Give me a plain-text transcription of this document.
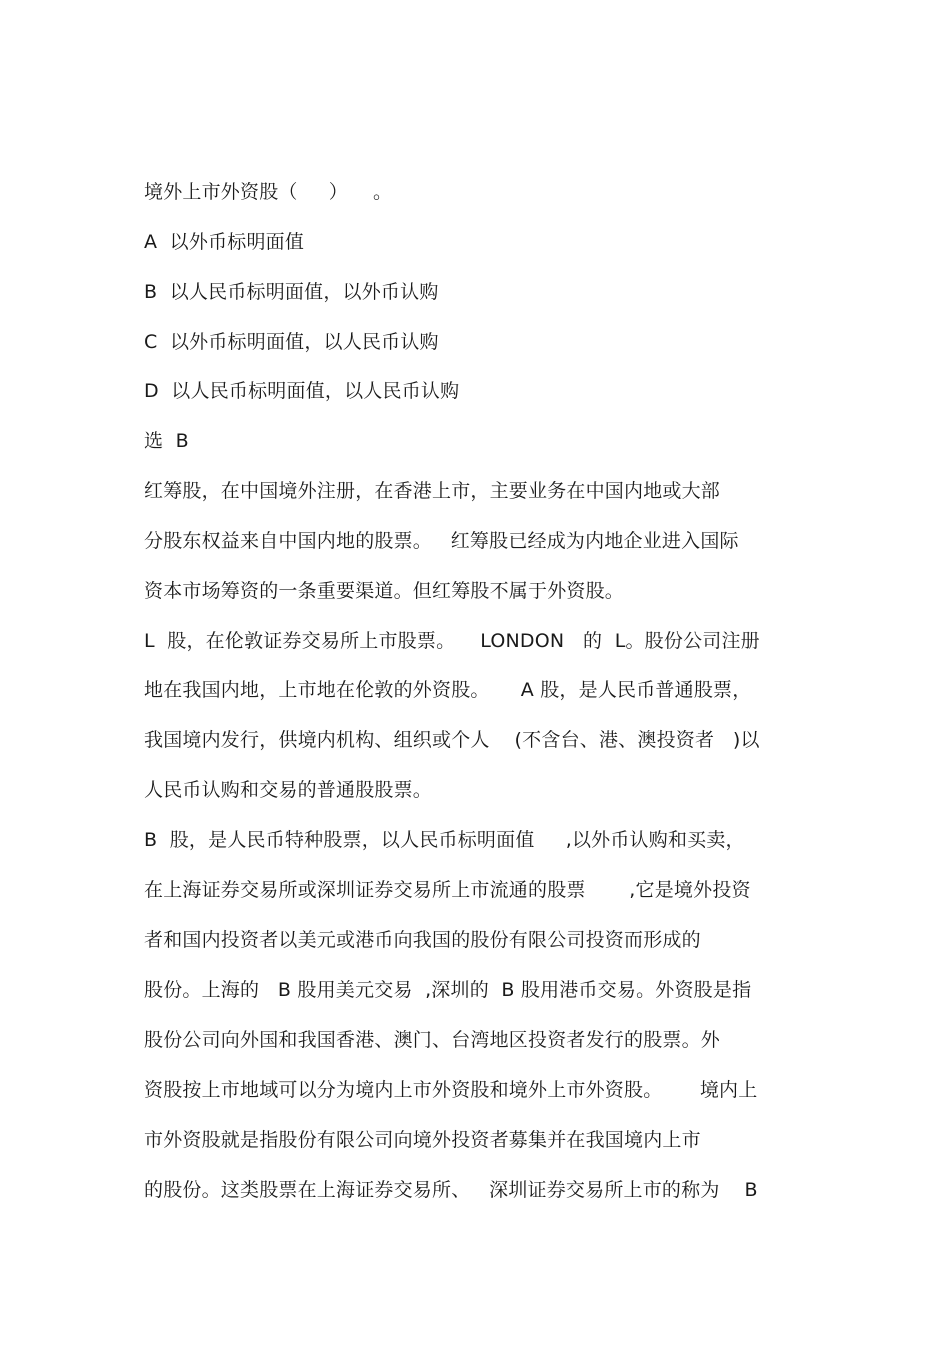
境外上市外资股（     ）    。
A  以外币标明面值
B  以人民币标明面值，以外币认购
C  以外币标明面值，以人民币认购
D  以人民币标明面值，以人民币认购
选  B
红筹股，在中国境外注册，在香港上市，主要业务在中国内地或大部
分股东权益来自中国内地的股票。   红筹股已经成为内地企业进入国际
资本市场筹资的一条重要渠道。但红筹股不属于外资股。
L  股，在伦敦证券交易所上市股票。    LONDON   的  L。股份公司注册
地在我国内地，上市地在伦敦的外资股。     A 股，是人民币普通股票，
我国境内发行，供境内机构、组织或个人    (不含台、港、澳投资者   )以
人民币认购和交易的普通股股票。
B  股，是人民币特种股票，以人民币标明面值     ,以外币认购和买卖，
在上海证券交易所或深圳证券交易所上市流通的股票       ,它是境外投资
者和国内投资者以美元或港币向我国的股份有限公司投资而形成的
股份。上海的   B 股用美元交易  ,深圳的  B 股用港币交易。外资股是指
股份公司向外国和我国香港、澳门、台湾地区投资者发行的股票。外
资股按上市地域可以分为境内上市外资股和境外上市外资股。      境内上
市外资股就是指股份有限公司向境外投资者募集并在我国境内上市
的股份。这类股票在上海证券交易所、   深圳证券交易所上市的称为    B
